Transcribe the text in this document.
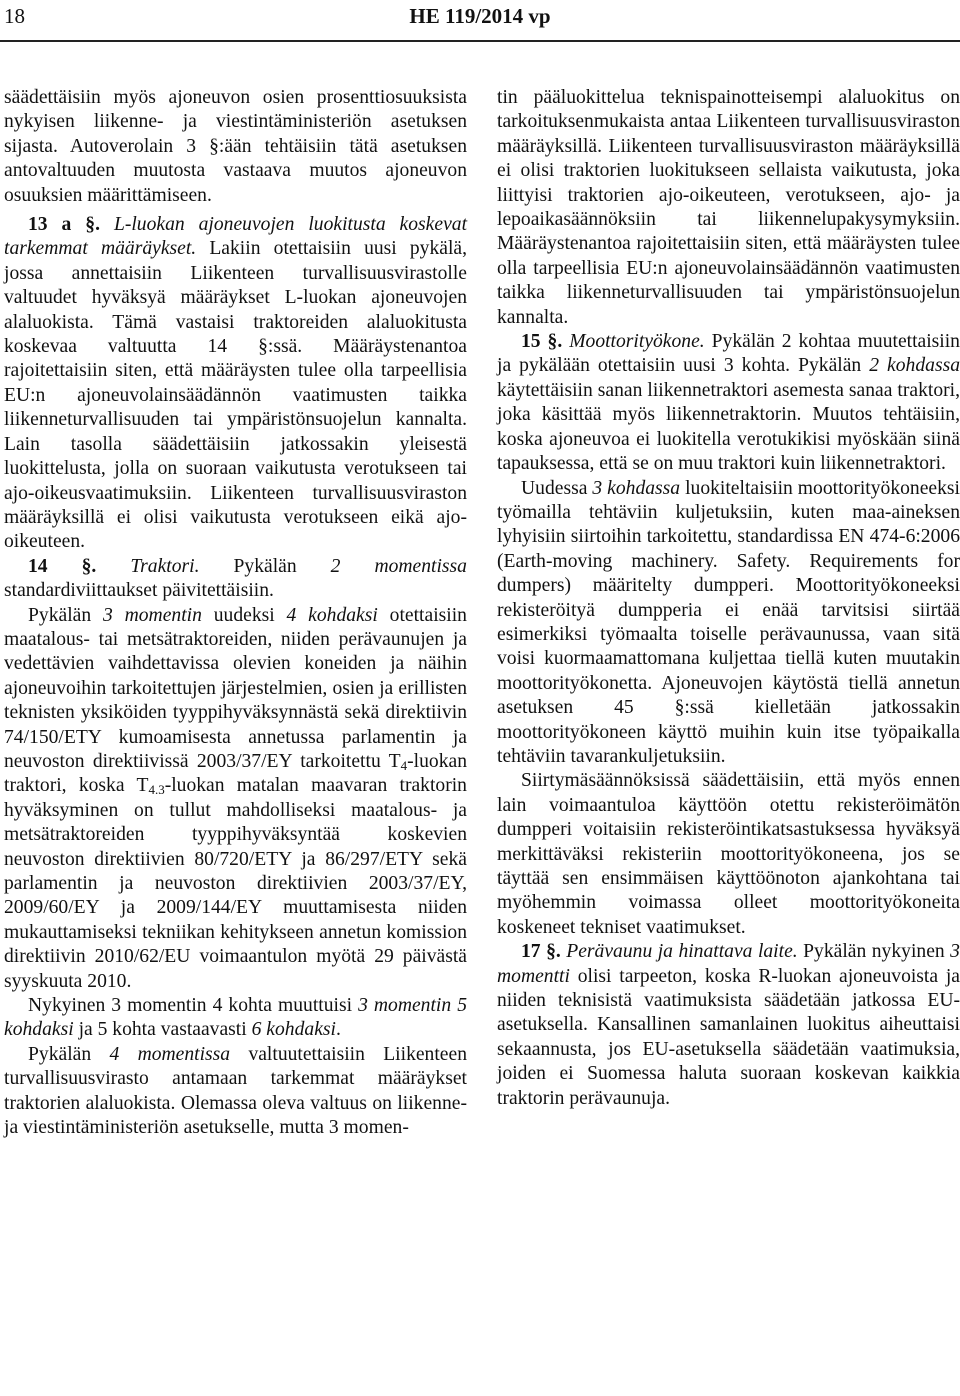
18	HE 119/2014 vp

säädettäisiin myös ajoneuvon osien prosenttiosuuksista nykyisen liikenne- ja viestintäministeriön asetuksen sijasta. Autoverolain 3 §:ään tehtäisiin tätä asetuksen antovaltuuden muutosta vastaava muutos ajoneuvon osuuksien määrittämiseen.

13 a §. L-luokan ajoneuvojen luokitusta koskevat tarkemmat määräykset. Lakiin otettaisiin uusi pykälä, jossa annettaisiin Liikenteen turvallisuusvirastolle valtuudet hyväksyä määräykset L-luokan ajoneuvojen alaluokista. Tämä vastaisi traktoreiden alaluokitusta koskevaa valtuutta 14 §:ssä. Määräystenantoa rajoitettaisiin siten, että määräysten tulee olla tarpeellisia EU:n ajoneuvolainsäädännön vaatimusten taikka liikenneturvallisuuden tai ympäristönsuojelun kannalta. Lain tasolla säädettäisiin jatkossakin yleisestä luokittelusta, jolla on suoraan vaikutusta verotukseen tai ajo-oikeusvaatimuksiin. Liikenteen turvallisuusviraston määräyksillä ei olisi vaikutusta verotukseen eikä ajo-oikeuteen.

14 §. Traktori. Pykälän 2 momentissa standardiviittaukset päivitettäisiin.

Pykälän 3 momentin uudeksi 4 kohdaksi otettaisiin maatalous- tai metsätraktoreiden, niiden perävaunujen ja vedettävien vaihdettavissa olevien koneiden ja näihin ajoneuvoihin tarkoitettujen järjestelmien, osien ja erillisten teknisten yksiköiden tyyppihyväksynnästä sekä direktiivin 74/150/ETY kumoamisesta annetussa parlamentin ja neuvoston direktiivissä 2003/37/EY tarkoitettu $T_4$-luokan traktori, koska $T_{4.3}$-luokan matalan maavaran traktorin hyväksyminen on tullut mahdolliseksi maatalous- ja metsätraktoreiden tyyppihyväksyntää koskevien neuvoston direktiivien 80/720/ETY ja 86/297/ETY sekä parlamentin ja neuvoston direktiivien 2003/37/EY, 2009/60/EY ja 2009/144/EY muuttamisesta niiden mukauttamiseksi tekniikan kehitykseen annetun komission direktiivin 2010/62/EU voimaantulon myötä 29 päivästä syyskuuta 2010.

Nykyinen 3 momentin 4 kohta muuttuisi 3 momentin 5 kohdaksi ja 5 kohta vastaavasti 6 kohdaksi.

Pykälän 4 momentissa valtuutettaisiin Liikenteen turvallisuusvirasto antamaan tarkemmat määräykset traktorien alaluokista. Olemassa oleva valtuus on liikenne- ja viestintäministeriön asetukselle, mutta 3 momen-

tin pääluokittelua teknispainotteisempi alaluokitus on tarkoituksenmukaista antaa Liikenteen turvallisuusviraston määräyksillä. Liikenteen turvallisuusviraston määräyksillä ei olisi traktorien luokitukseen sellaista vaikutusta, joka liittyisi traktorien ajo-oikeuteen, verotukseen, ajo- ja lepoaikasäännöksiin tai liikennelupakysymyksiin. Määräystenantoa rajoitettaisiin siten, että määräysten tulee olla tarpeellisia EU:n ajoneuvolainsäädännön vaatimusten taikka liikenneturvallisuuden tai ympäristönsuojelun kannalta.

15 §. Moottorityökone. Pykälän 2 kohtaa muutettaisiin ja pykälään otettaisiin uusi 3 kohta. Pykälän 2 kohdassa käytettäisiin sanan liikennetraktori asemesta sanaa traktori, joka käsittää myös liikennetraktorin. Muutos tehtäisiin, koska ajoneuvoa ei luokitella verotukikisi myöskään siinä tapauksessa, että se on muu traktori kuin liikennetraktori.

Uudessa 3 kohdassa luokiteltaisiin moottorityökoneeksi työmailla tehtäviin kuljetuksiin, kuten maa-aineksen lyhyisiin siirtoihin tarkoitettu, standardissa EN 474-6:2006 (Earth-moving machinery. Safety. Requirements for dumpers) määritelty dumpperi. Moottorityökoneeksi rekisteröityä dumpperia ei enää tarvitsisi siirtää esimerkiksi työmaalta toiselle perävaunussa, vaan sitä voisi kuormaamattomana kuljettaa tiellä kuten muutakin moottorityökonetta. Ajoneuvojen käytöstä tiellä annetun asetuksen 45 §:ssä kielletään jatkossakin moottorityökoneen käyttö muihin kuin itse työpaikalla tehtäviin tavarankuljetuksiin.

Siirtymäsäännöksissä säädettäisiin, että myös ennen lain voimaantuloa käyttöön otettu rekisteröimätön dumpperi voitaisiin rekisteröintikatsastuksessa hyväksyä merkittäväksi rekisteriin moottorityökoneena, jos se täyttää sen ensimmäisen käyttöönoton ajankohtana tai myöhemmin voimassa olleet moottorityökoneita koskeneet tekniset vaatimukset.

17 §. Perävaunu ja hinattava laite. Pykälän nykyinen 3 momentti olisi tarpeeton, koska R-luokan ajoneuvoista ja niiden teknisistä vaatimuksista säädetään jatkossa EU-asetuksella. Kansallinen samanlainen luokitus aiheuttaisi sekaannusta, jos EU-asetuksella säädetään vaatimuksia, joiden ei Suomessa haluta suoraan koskevan kaikkia traktorin perävaunuja.
